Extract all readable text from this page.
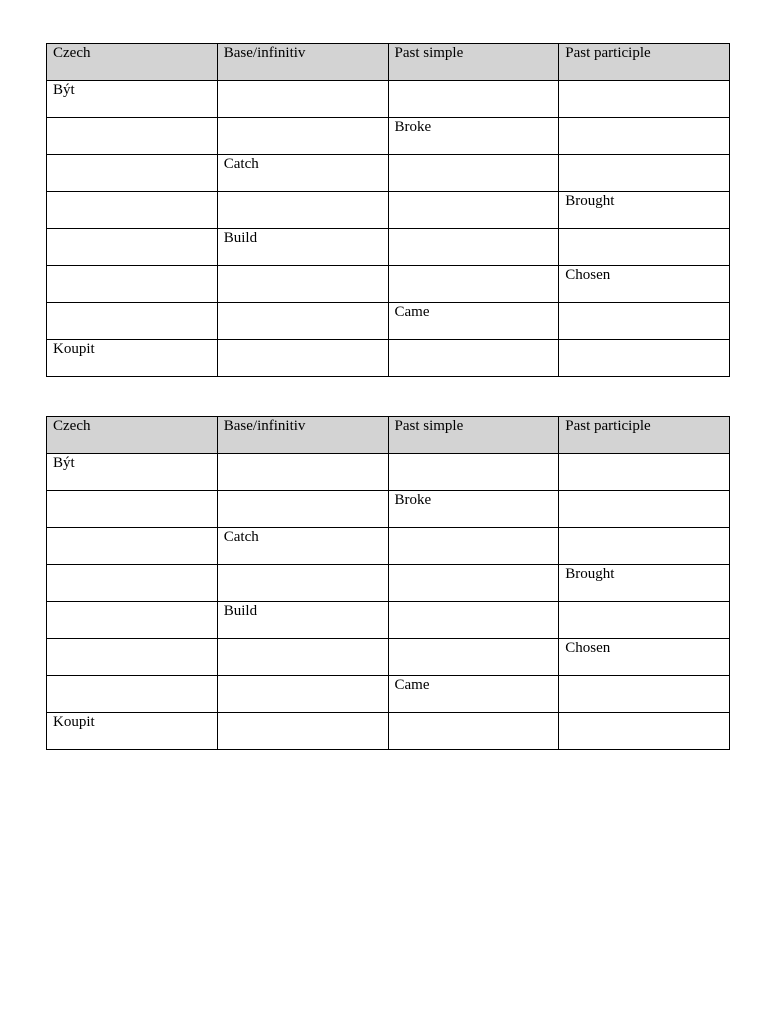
Czech	Base/infinitiv	Past simple	Past participle
Být			
		Broke	
	Catch		
			Brought
	Build		
			Chosen
		Came	
Koupit			
Czech	Base/infinitiv	Past simple	Past participle
Být			
		Broke	
	Catch		
			Brought
	Build		
			Chosen
		Came	
Koupit			
